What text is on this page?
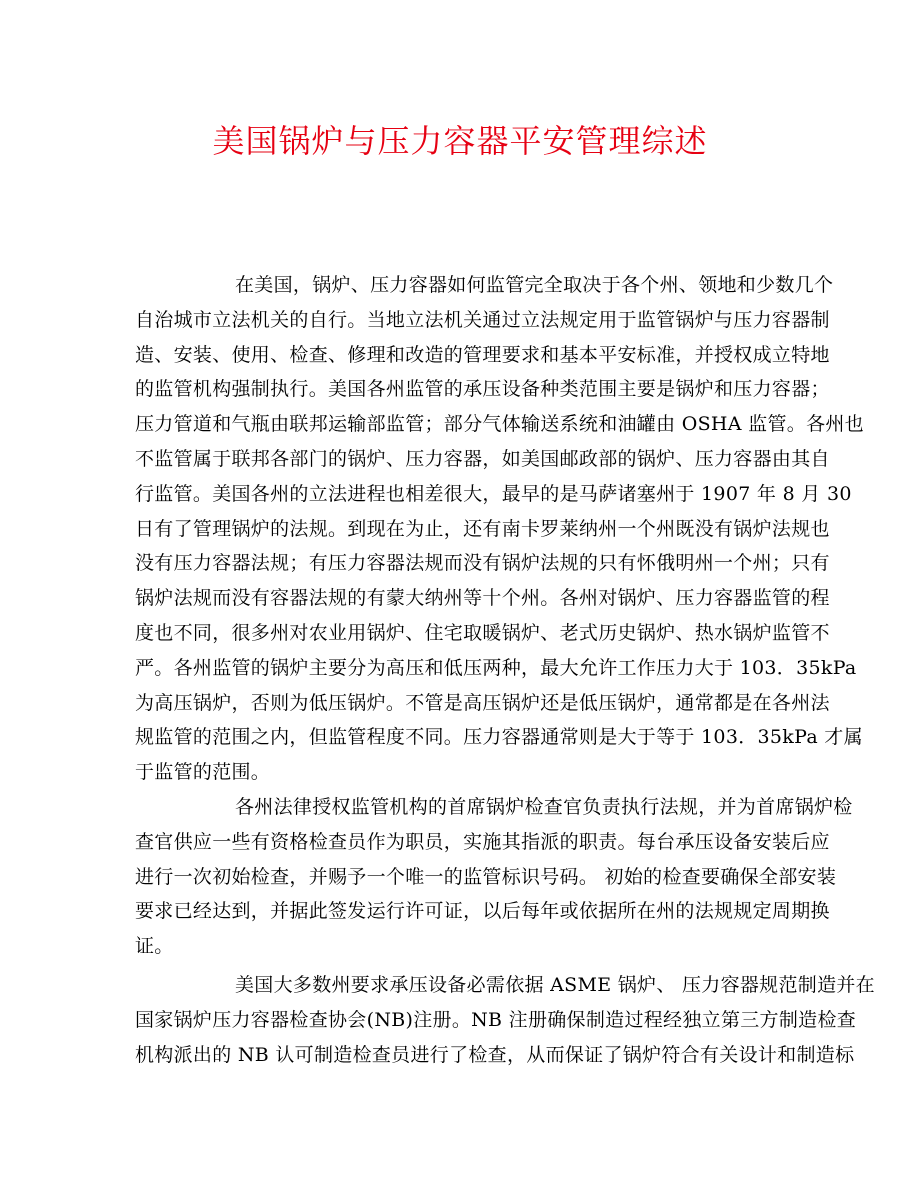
美国锅炉与压力容器平安管理综述
在美国，锅炉、压力容器如何监管完全取决于各个州、领地和少数几个
自治城市立法机关的自行。当地立法机关通过立法规定用于监管锅炉与压力容器制
造、安装、使用、检查、修理和改造的管理要求和基本平安标准，并授权成立特地
的监管机构强制执行。美国各州监管的承压设备种类范围主要是锅炉和压力容器；
压力管道和气瓶由联邦运输部监管；部分气体输送系统和油罐由 OSHA 监管。各州也
不监管属于联邦各部门的锅炉、压力容器，如美国邮政部的锅炉、压力容器由其自
行监管。美国各州的立法进程也相差很大，最早的是马萨诸塞州于 1907 年 8 月 30
日有了管理锅炉的法规。到现在为止，还有南卡罗莱纳州一个州既没有锅炉法规也
没有压力容器法规；有压力容器法规而没有锅炉法规的只有怀俄明州一个州；只有
锅炉法规而没有容器法规的有蒙大纳州等十个州。各州对锅炉、压力容器监管的程
度也不同，很多州对农业用锅炉、住宅取暖锅炉、老式历史锅炉、热水锅炉监管不
严。各州监管的锅炉主要分为高压和低压两种，最大允许工作压力大于 103．35kPa
为高压锅炉，否则为低压锅炉。不管是高压锅炉还是低压锅炉，通常都是在各州法
规监管的范围之内，但监管程度不同。压力容器通常则是大于等于 103．35kPa 才属
于监管的范围。
各州法律授权监管机构的首席锅炉检查官负责执行法规，并为首席锅炉检
查官供应一些有资格检查员作为职员，实施其指派的职责。每台承压设备安装后应
进行一次初始检查，并赐予一个唯一的监管标识号码。 初始的检查要确保全部安装
要求已经达到，并据此签发运行许可证，以后每年或依据所在州的法规规定周期换
证。
美国大多数州要求承压设备必需依据 ASME 锅炉、 压力容器规范制造并在
国家锅炉压力容器检查协会(NB)注册。NB 注册确保制造过程经独立第三方制造检查
机构派出的 NB 认可制造检查员进行了检查，从而保证了锅炉符合有关设计和制造标
